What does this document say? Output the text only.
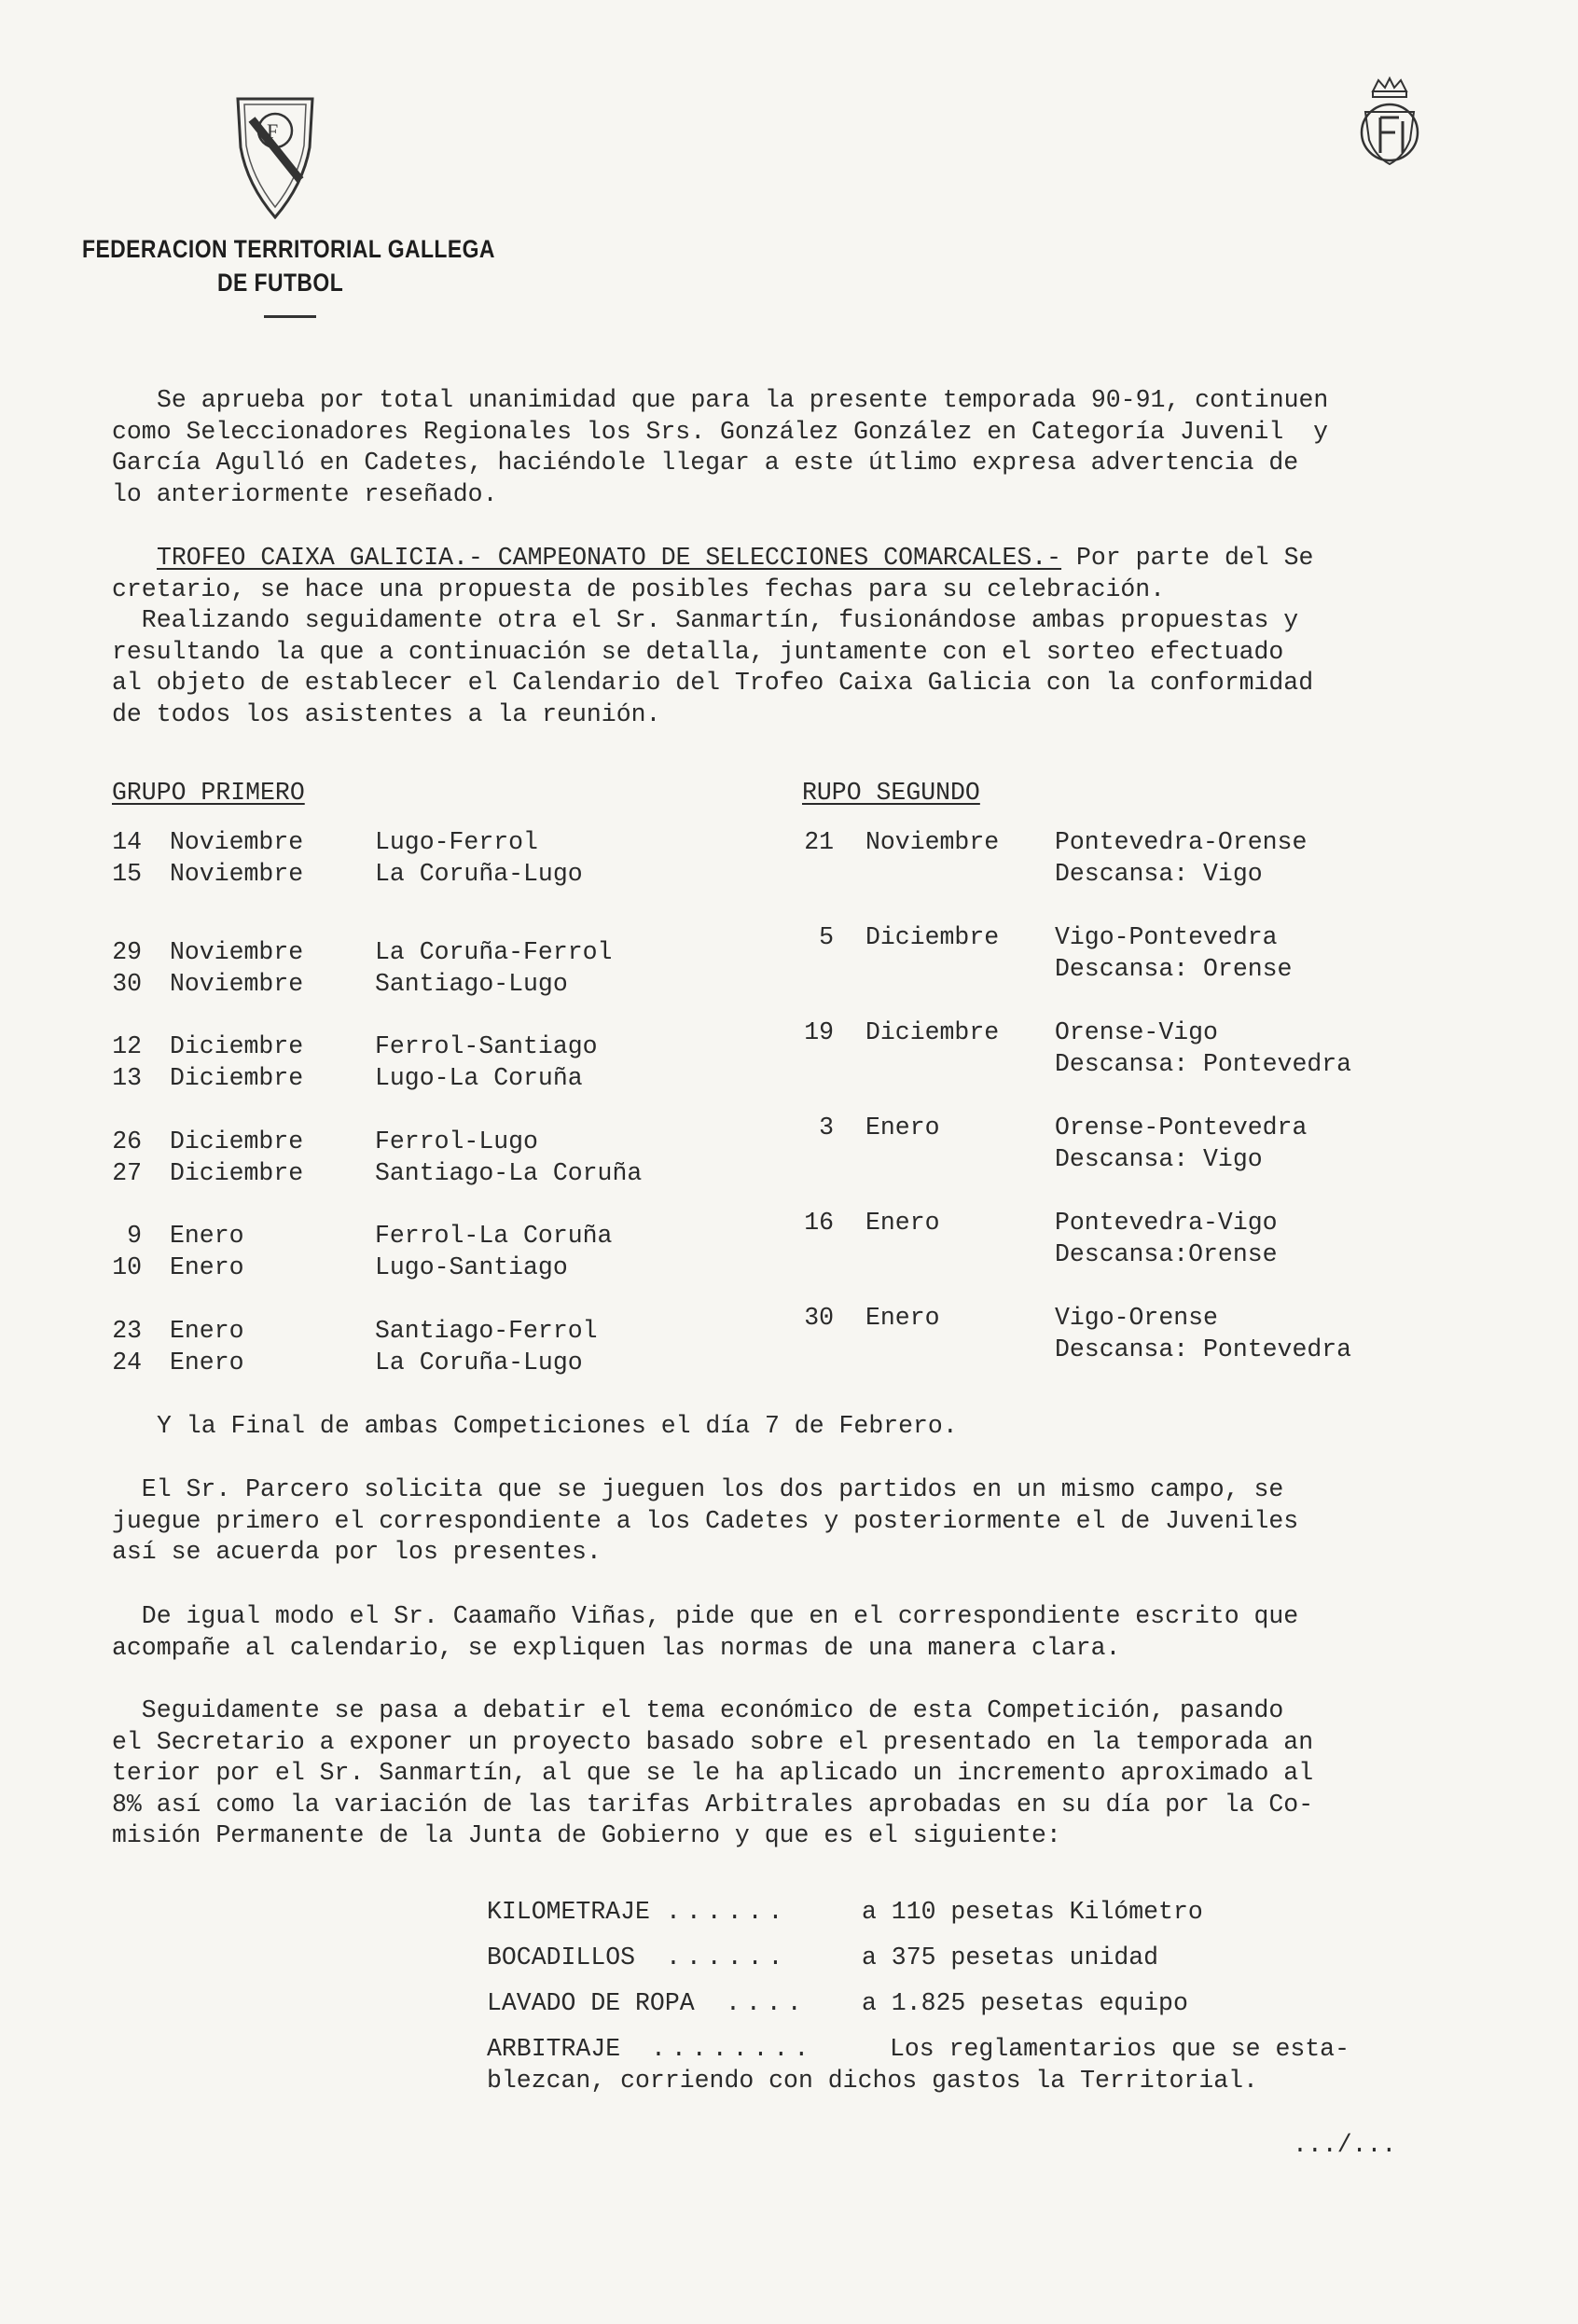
F
FEDERACION TERRITORIAL GALLEGA
DE FUTBOL
Se aprueba por total unanimidad que para la presente temporada 90-91, continuen
como Seleccionadores Regionales los Srs. González González en Categoría Juvenil  y
García Agulló en Cadetes, haciéndole llegar a este útlimo expresa advertencia de
lo anteriormente reseñado.
TROFEO CAIXA GALICIA.- CAMPEONATO DE SELECCIONES COMARCALES.- Por parte del Se
cretario, se hace una propuesta de posibles fechas para su celebración.
Realizando seguidamente otra el Sr. Sanmartín, fusionándose ambas propuestas y
resultando la que a continuación se detalla, juntamente con el sorteo efectuado
al objeto de establecer el Calendario del Trofeo Caixa Galicia con la conformidad
de todos los asistentes a la reunión.
GRUPO PRIMERO	RUPO SEGUNDO
14 Noviembre	Lugo-Ferrol
15 Noviembre	La Coruña-Lugo
29 Noviembre	La Coruña-Ferrol
30 Noviembre	Santiago-Lugo
12 Diciembre	Ferrol-Santiago
13 Diciembre	Lugo-La Coruña
26 Diciembre	Ferrol-Lugo
27 Diciembre	Santiago-La Coruña
9 Enero	Ferrol-La Coruña
10 Enero	Lugo-Santiago
23 Enero	Santiago-Ferrol
24 Enero	La Coruña-Lugo
21 Noviembre Pontevedra-Orense
Descansa: Vigo
5 Diciembre Vigo-Pontevedra
Descansa: Orense
19 Diciembre Orense-Vigo
Descansa: Pontevedra
3 Enero	Orense-Pontevedra
Descansa: Vigo
16 Enero	Pontevedra-Vigo
Descansa:Orense
30 Enero	Vigo-Orense
Descansa: Pontevedra
Y la Final de ambas Competiciones el día 7 de Febrero.
El Sr. Parcero solicita que se jueguen los dos partidos en un mismo campo, se
juegue primero el correspondiente a los Cadetes y posteriormente el de Juveniles
así se acuerda por los presentes.
De igual modo el Sr. Caamaño Viñas, pide que en el correspondiente escrito que
acompañe al calendario, se expliquen las normas de una manera clara.
Seguidamente se pasa a debatir el tema económico de esta Competición, pasando
el Secretario a exponer un proyecto basado sobre el presentado en la temporada an
terior por el Sr. Sanmartín, al que se le ha aplicado un incremento aproximado al
8% así como la variación de las tarifas Arbitrales aprobadas en su día por la Co-
misión Permanente de la Junta de Gobierno y que es el siguiente:
KILOMETRAJE ......	a 110 pesetas Kilómetro
BOCADILLOS ......	a 375 pesetas unidad
LAVADO DE ROPA .... a 1.825 pesetas equipo
ARBITRAJE ........	Los reglamentarios que se esta-
blezcan, corriendo con dichos gastos la Territorial.
.../...
